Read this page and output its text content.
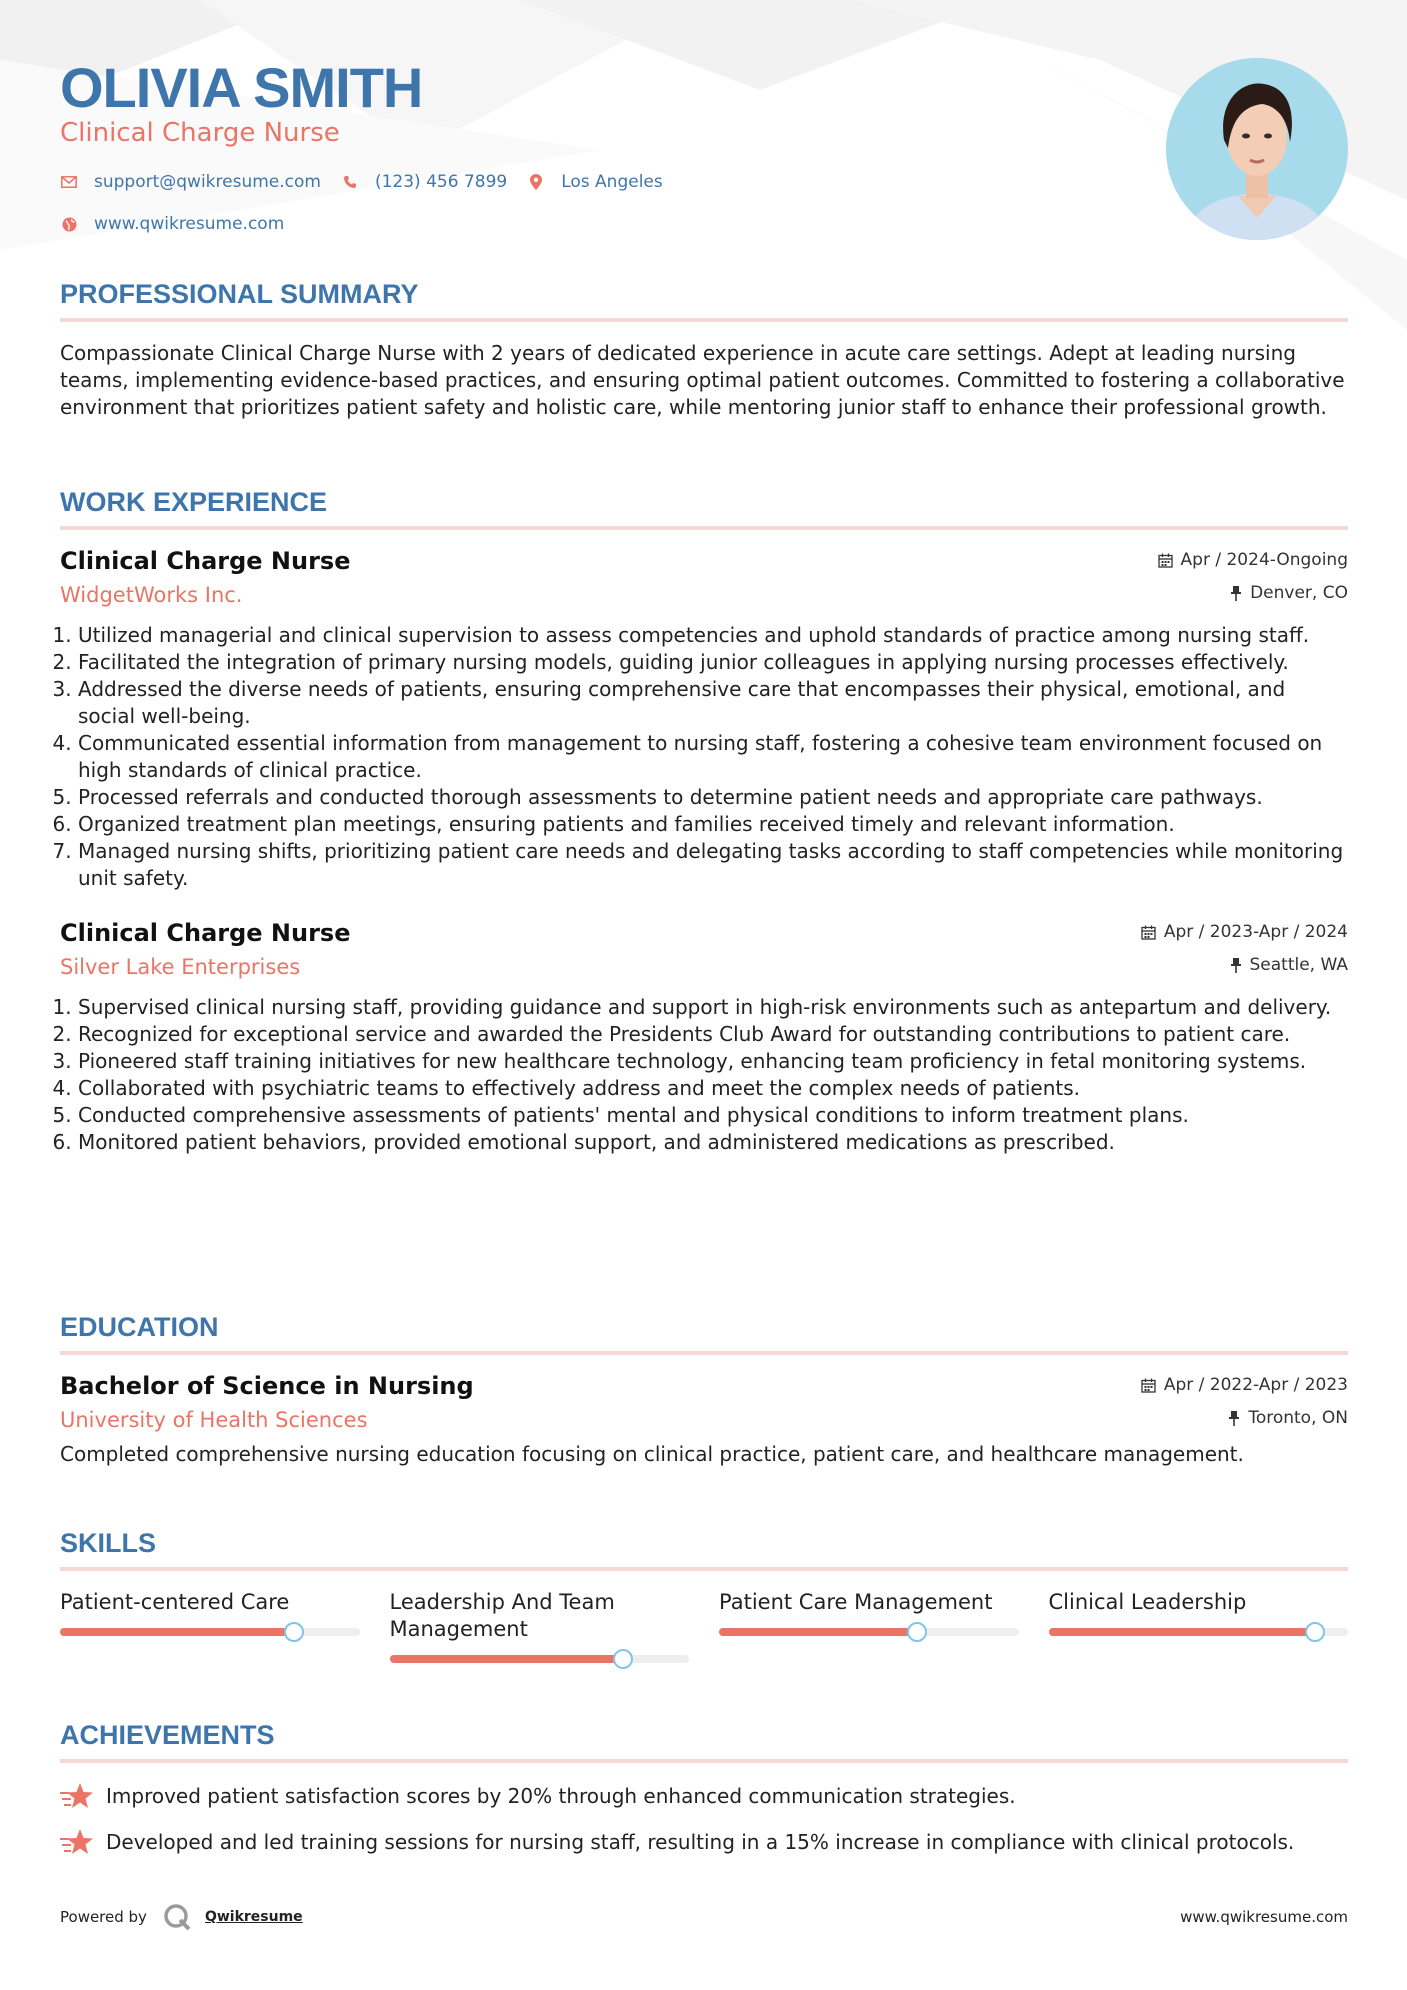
OLIVIA SMITH
Clinical Charge Nurse
support@qwikresume.com	(123) 456 7899	Los Angeles
www.qwikresume.com
PROFESSIONAL SUMMARY

Compassionate Clinical Charge Nurse with 2 years of dedicated experience in acute care settings. Adept at leading nursing teams, implementing evidence-based practices, and ensuring optimal patient outcomes. Committed to fostering a collaborative environment that prioritizes patient safety and holistic care, while mentoring junior staff to enhance their professional growth.

WORK EXPERIENCE
Clinical Charge Nurse
WidgetWorks Inc.
Apr / 2024-Ongoing
Denver, CO
1. Utilized managerial and clinical supervision to assess competencies and uphold standards of practice among nursing staff.
2. Facilitated the integration of primary nursing models, guiding junior colleagues in applying nursing processes effectively.
3. Addressed the diverse needs of patients, ensuring comprehensive care that encompasses their physical, emotional, and social well-being.
4. Communicated essential information from management to nursing staff, fostering a cohesive team environment focused on high standards of clinical practice.
5. Processed referrals and conducted thorough assessments to determine patient needs and appropriate care pathways.
6. Organized treatment plan meetings, ensuring patients and families received timely and relevant information.
7. Managed nursing shifts, prioritizing patient care needs and delegating tasks according to staff competencies while monitoring unit safety.
Clinical Charge Nurse
Silver Lake Enterprises
Apr / 2023-Apr / 2024
Seattle, WA
1. Supervised clinical nursing staff, providing guidance and support in high-risk environments such as antepartum and delivery.
2. Recognized for exceptional service and awarded the Presidents Club Award for outstanding contributions to patient care.
3. Pioneered staff training initiatives for new healthcare technology, enhancing team proficiency in fetal monitoring systems.
4. Collaborated with psychiatric teams to effectively address and meet the complex needs of patients.
5. Conducted comprehensive assessments of patients' mental and physical conditions to inform treatment plans.
6. Monitored patient behaviors, provided emotional support, and administered medications as prescribed.
EDUCATION
Bachelor of Science in Nursing
University of Health Sciences
Apr / 2022-Apr / 2023
Toronto, ON

Completed comprehensive nursing education focusing on clinical practice, patient care, and healthcare management.

SKILLS
Patient-centered Care	Leadership And Team Management
Patient Care Management	Clinical Leadership
ACHIEVEMENTS
Improved patient satisfaction scores by 20% through enhanced communication strategies.
Developed and led training sessions for nursing staff, resulting in a 15% increase in compliance with clinical protocols.
Powered by	Qwikresume	www.qwikresume.com
